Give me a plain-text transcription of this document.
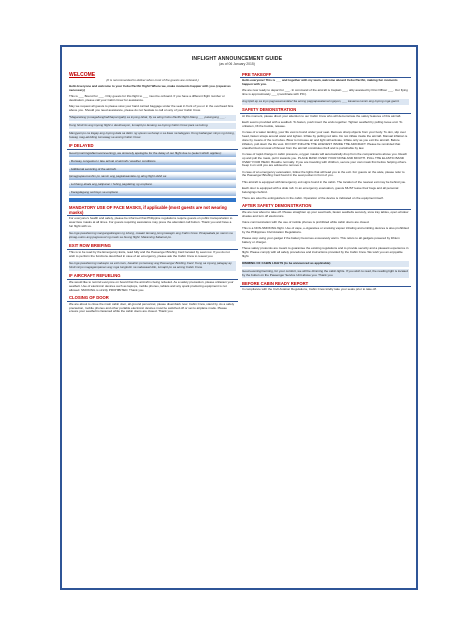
INFLIGHT ANNOUNCEMENT GUIDE
(as of 06 January 2015)
WELCOME
(It is recommended to deliver when most of the guests are onboard.)
Hello Everyone and welcome to your Cebu Pacific flight! Where we, make moments happier with you. (repeat as necessary)
This is ___ Bound for ___. Only guests for this flight to ___ must be onboard. If you have a different flight number or destination, please call your Cabin Crew for assistance.
May we request all guests to please stow your hand carried baggage under the seat in front of you or in the overhead bins above you. Should you need assistance, please do not hesitate to call on any of your Cabin Crew.
*Magandang (umaga/tanghali/hapon/gabi) sa inyong lahat, fly sa ating Cebu Pacific flight bilang ___ patungong ___.
Kung hindi ito ang inyong flight o destinasyon, lumapit po lamang sa inyong Cabin Crew para sa tulong.
Mangyari po na ilagay ang inyong dala sa ilalim ng upuan sa harap o sa itaas na lalagyan. Kung kailangan ninyo ng tulong, huwag mag-atubiling tumawag sa aming Cabin Crew.
IF DELAYED
Good (morning/afternoon/evening), we sincerely apologize for the delay of our flight due to (select which applies):
- Runway congestion / late arrival of aircraft / weather conditions
- Additional servicing of the aircraft.
Ipinagpapaumanhin po namin ang pagkakaantala ng ating flight dahil sa:
- Lubhang abala ang paliparan / huling pagdating ng eroplano
- Karagdagang serbisyo sa eroplano
MANDATORY USE OF FACE MASKS, if applicable (most guests are not wearing masks)
For everyone's health and safety, please be informed that Philippine regulations require guests on public transportation to wear face masks at all times. For guests requiring assistance may press the attendant call button. Thank you and have a fun flight with us.
Sa mga pasaherong nangangailangan ng tulong, maaari lamang pong tawagin ang Cabin Crew. Pinapaalala po namin na ipinag-uutos ang pagsusuot ng mask sa buong flight. Maraming Salamat po.
EXIT ROW BRIEFING
This is to be read by the Emergency Exits, read fully and the Passenger Briefing Card located by seat row. If you do not wish to perform the functions described in case of an emergency, please ask the Cabin Crew to reseat you.
Sa mga pasaherong nakaupo sa exit rows, basahin po lamang ang Passenger Briefing Card. Kung sa inyong palagay ay hindi ninyo magagampanan ang mga tungkulin na nakasaad dito, lumapit po sa aming Cabin Crew.
IF AIRCRAFT REFUELING
We would like to remind everyone on board that the aircraft is being refueled. As a safety precaution, please unfasten your seatbelt. Use of electronic devices such as laptops, mobile phones, tablets and any spark producing equipment is not allowed. SMOKING is strictly PROHIBITED. Thank you.
CLOSING OF DOOR
We are about to close the main cabin door, all ground personnel, please disembark now. Cabin Crew, stand by. As a safety precaution, mobile phones and other portable electronic devices must be switched off or set to airplane mode. Please ensure your seatbelt is fastened while the cabin doors are closed. Thank you.
PRE TAKEOFF
Hello everyone! This is ___ and together with my team, welcome aboard Cebu Pacific, making fun moments happen with you.
We are now ready to depart for ___. In command of the aircraft is Captain ___, ably assisted by First Officer ___. Our flying time is approximately ___ (coordinate with PIC).
Ang tipid ay sa inyo pagsasamantala! Sa aming pagpapasalamat ngayon, ___ kasama namin ang inyong mga gamit.
SAFETY DEMONSTRATION
At this moment, please direct your attention to our Cabin Crew who will demonstrate the safety features of this aircraft.
Each seat is provided with a seatbelt. To fasten, push insert the ends together. Tighten seatbelt by pulling loose end. To unfasten, lift the buckle, release.
In case of a water landing, your life vest is found under your seat. Remove sharp objects from your body. To don, slip over head, fasten straps around waist and tighten. Inflate by pulling red tabs. Do not inflate inside the aircraft. Manual inflation is done by means of the red tubes. Blow to increase air and light will activate. Inflate only as you exit the aircraft. Before inflation, pull down the life vest. DO NOT INFLATE THE LIFEVEST INSIDE THE AIRCRAFT. Please be reminded that unauthorized removal of lifevest from the aircraft constitutes theft and is punishable by law.
In case of rapid change in cabin pressure, oxygen masks will automatically drop from the compartments above you. Reach up and pull the mask, pull it towards you. PLACE MASK OVER YOUR NOSE AND MOUTH. PULL THE ELASTIC BAND OVER YOUR HEAD. Breathe normally. If you are traveling with children, secure your own mask first before helping others. Keep it on until you are advised to remove it.
In case of an emergency evacuation, follow the lights that will lead you to the exit. For guests on the aisle, please refer to the Passenger Briefing Card found in the seat pocket in front of you.
This aircraft is equipped with Emergency exit signs found in the cabin. The location of the nearest exit may be behind you.
Each door is equipped with a slide raft. In an emergency evacuation, guests MUST leave their bags and all personal belongings behind.
There are also fire extinguishers in the cabin. Operation of the device is indicated on the equipment itself.
AFTER SAFETY DEMONSTRATION
We are now about to take off. Please straighten up your seat back, fasten seatbelts securely, stow tray tables, open window shades and turn off electronics.
Voice communication with the use of mobile phones is prohibited while cabin doors are closed.
This is a NON-SMOKING flight. Use of vape, e-cigarettes or smoking vapour inhaling and emitting devices is also prohibited by the Philippines Civil Aviation Regulations.
Please stop using your gadget if the battery becomes excessively warm. This refers to all gadgets powered by lithium battery or charger.
These safety protocols are meant to guarantee the existing regulations and to provide security and a pleasant experience in flight. Please comply with all safety procedures and instructions provided by the Cabin Crew. We wish you an enjoyable flight.
DIMMING OF CABIN LIGHTS (to be announced as applicable)
Good evening/morning, for your comfort, we will be dimming the cabin lights. If you wish to read, the reading light is located by the button on the Passenger Service Unit above you. Thank you.
BEFORE CABIN READY REPORT
In compliance with the Civil Aviation Regulations, Cabin Crew kindly take your seats prior to take off.
